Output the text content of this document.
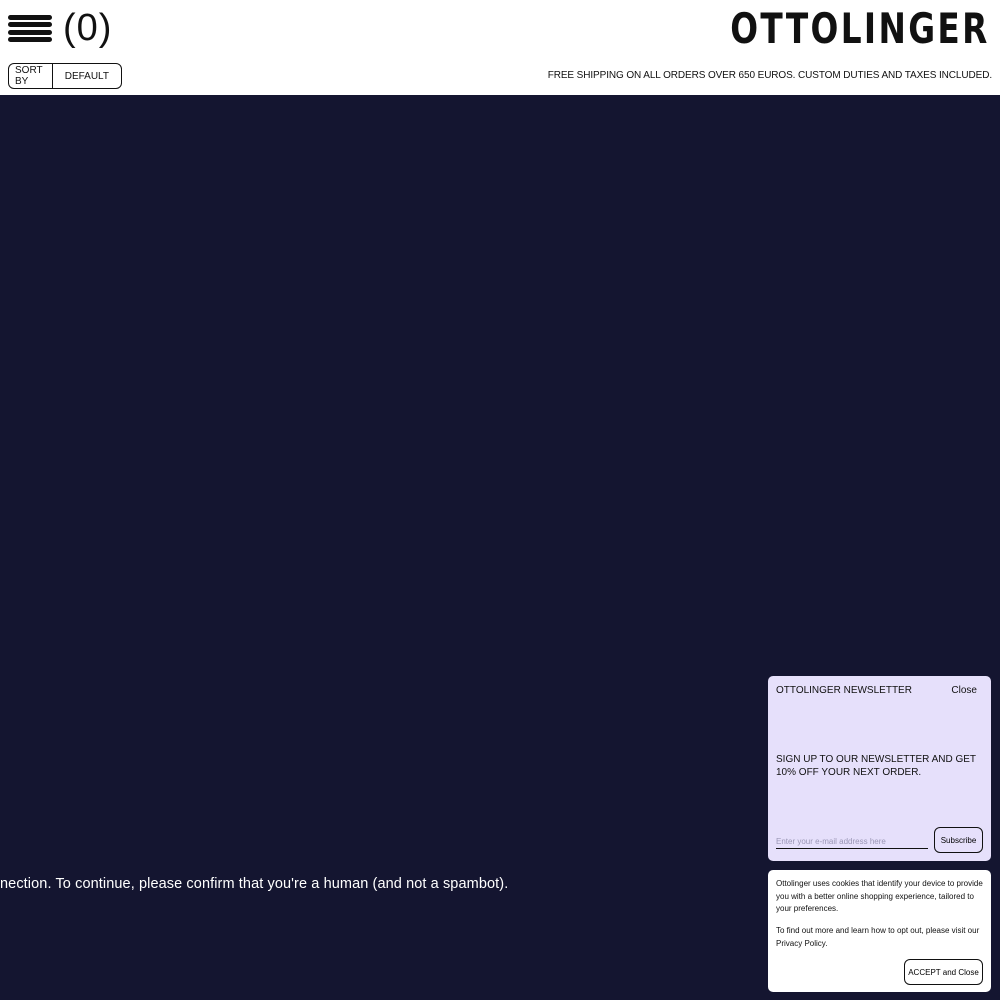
(0)	OTTOLINGER
SORT BY	DEFAULT	FREE SHIPPING ON ALL ORDERS OVER 650 EUROS. CUSTOM DUTIES AND TAXES INCLUDED.
nection. To continue, please confirm that you're a human (and not a spambot).
OTTOLINGER NEWSLETTER	Close
SIGN UP TO OUR NEWSLETTER AND GET 10% OFF YOUR NEXT ORDER.
Enter your e-mail address here
Subscribe
Ottolinger uses cookies that identify your device to provide you with a better online shopping experience, tailored to your preferences.
To find out more and learn how to opt out, please visit our Privacy Policy.
ACCEPT and Close
